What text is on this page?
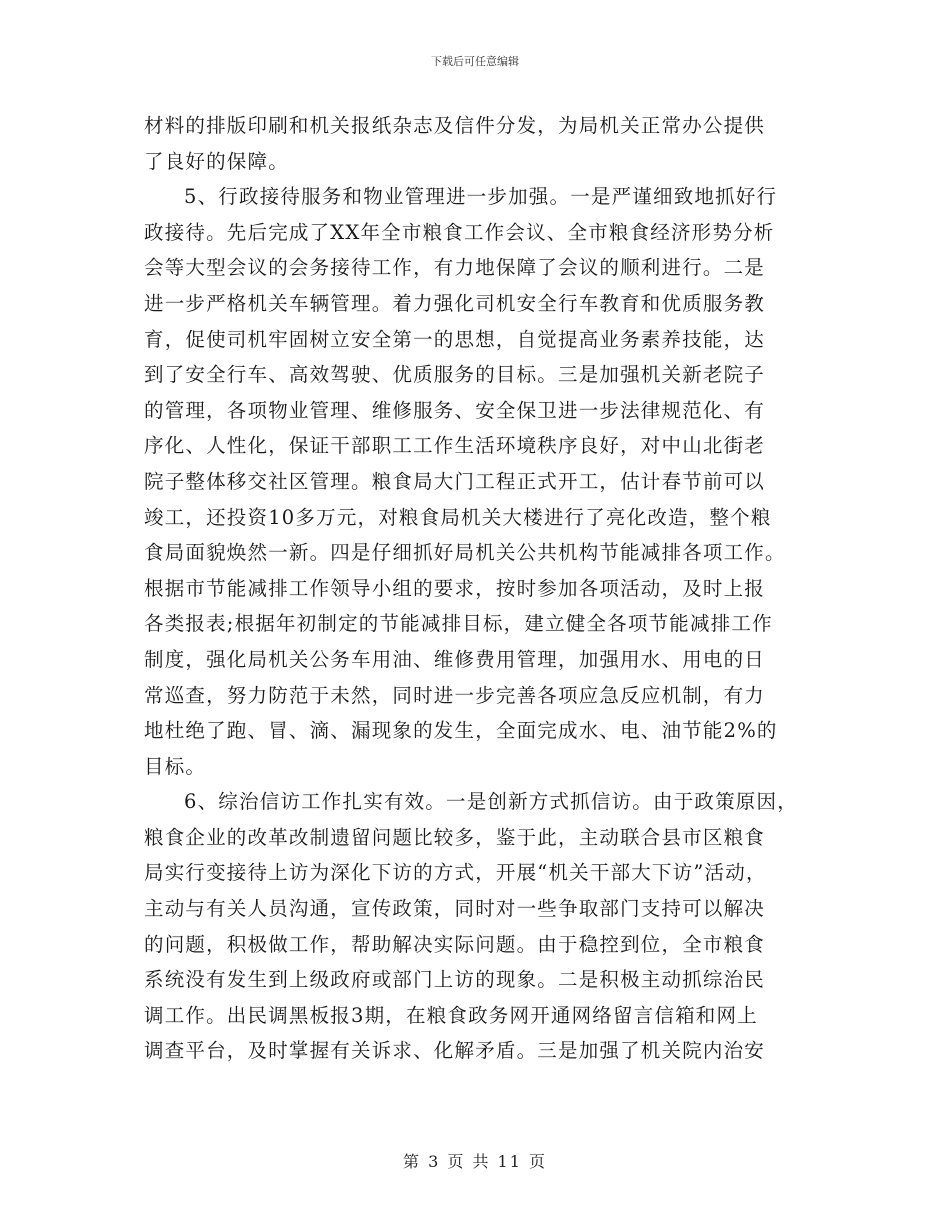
下载后可任意编辑
材料的排版印刷和机关报纸杂志及信件分发，为局机关正常办公提供
了良好的保障。
5、行政接待服务和物业管理进一步加强。一是严谨细致地抓好行
政接待。先后完成了XX年全市粮食工作会议、全市粮食经济形势分析
会等大型会议的会务接待工作，有力地保障了会议的顺利进行。二是
进一步严格机关车辆管理。着力强化司机安全行车教育和优质服务教
育，促使司机牢固树立安全第一的思想，自觉提高业务素养技能，达
到了安全行车、高效驾驶、优质服务的目标。三是加强机关新老院子
的管理，各项物业管理、维修服务、安全保卫进一步法律规范化、有
序化、人性化，保证干部职工工作生活环境秩序良好，对中山北街老
院子整体移交社区管理。粮食局大门工程正式开工，估计春节前可以
竣工，还投资10多万元，对粮食局机关大楼进行了亮化改造，整个粮
食局面貌焕然一新。四是仔细抓好局机关公共机构节能减排各项工作。
根据市节能减排工作领导小组的要求，按时参加各项活动，及时上报
各类报表;根据年初制定的节能减排目标，建立健全各项节能减排工作
制度，强化局机关公务车用油、维修费用管理，加强用水、用电的日
常巡查，努力防范于未然，同时进一步完善各项应急反应机制，有力
地杜绝了跑、冒、滴、漏现象的发生，全面完成水、电、油节能2%的
目标。
6、综治信访工作扎实有效。一是创新方式抓信访。由于政策原因，
粮食企业的改革改制遗留问题比较多，鉴于此，主动联合县市区粮食
局实行变接待上访为深化下访的方式，开展“机关干部大下访”活动，
主动与有关人员沟通，宣传政策，同时对一些争取部门支持可以解决
的问题，积极做工作，帮助解决实际问题。由于稳控到位，全市粮食
系统没有发生到上级政府或部门上访的现象。二是积极主动抓综治民
调工作。出民调黑板报3期，在粮食政务网开通网络留言信箱和网上
调查平台，及时掌握有关诉求、化解矛盾。三是加强了机关院内治安
第 3 页 共 11 页
